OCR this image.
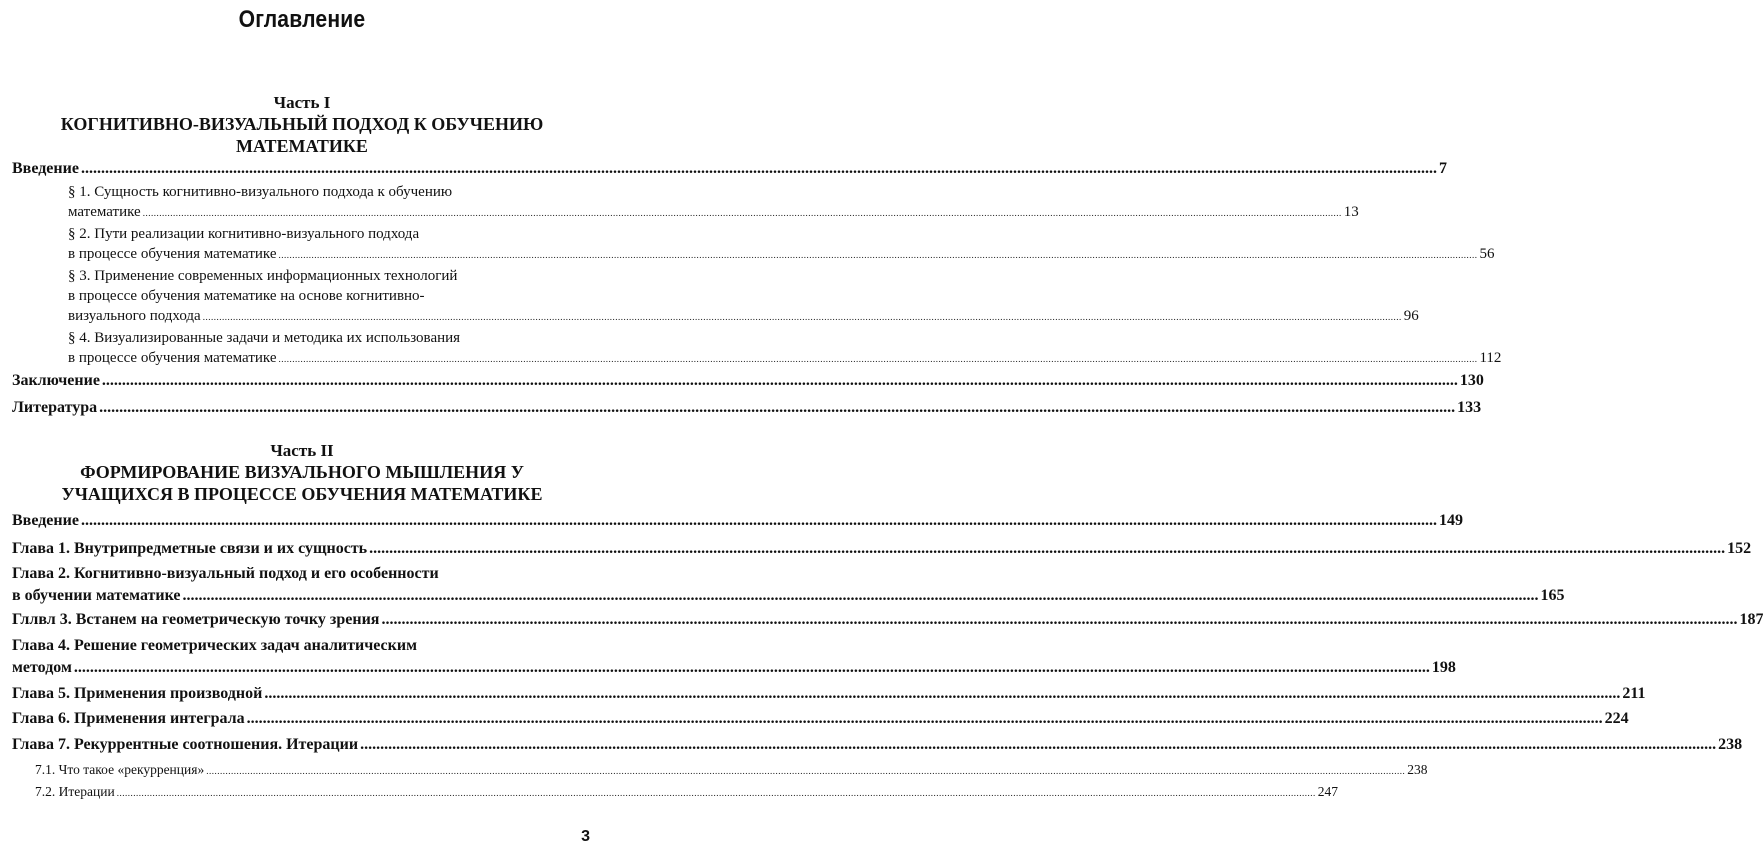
Оглавление
Часть I
КОГНИТИВНО-ВИЗУАЛЬНЫЙ ПОДХОД К ОБУЧЕНИЮ
МАТЕМАТИКЕ
Введение .....	7
§ 1. Сущность когнитивно-визуального подхода к обучению
математике .....	13
§ 2. Пути реализации когнитивно-визуального подхода
в процессе обучения математике .....	56
§ 3. Применение современных информационных технологий
в процессе обучения математике на основе когнитивно-
визуального подхода .....	96
§ 4. Визуализированные задачи и методика их использования
в процессе обучения математике .....	112
Заключение .....	130
Литература .....	133
Часть II
ФОРМИРОВАНИЕ ВИЗУАЛЬНОГО МЫШЛЕНИЯ У
УЧАЩИХСЯ В ПРОЦЕССЕ ОБУЧЕНИЯ МАТЕМАТИКЕ
Введение .....	149
Глава 1. Внутрипредметные связи и их сущность .....	152
Глава 2. Когнитивно-визуальный подход и его особенности
в обучении математике .....	165
Гллвл 3. Встанем на геометрическую точку зрения .....	187
Глава 4. Решение геометрических задач аналитическим
методом .....	198
Глава 5. Применения производной .....	211
Глава 6. Применения интеграла .....	224
Глава 7. Рекуррентные соотношения. Итерации .....	238
7.1. Что такое «рекурренция» .....	238
7.2. Итерации .....	247
3
